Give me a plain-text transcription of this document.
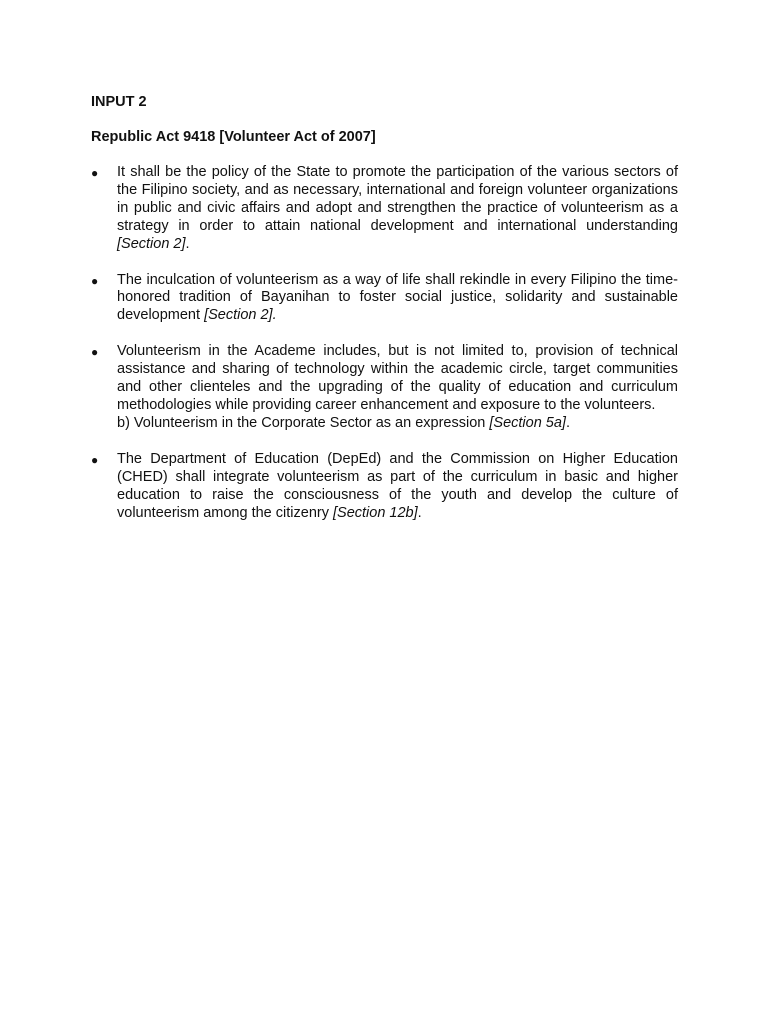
INPUT 2
Republic Act 9418 [Volunteer Act of 2007]
● It shall be the policy of the State to promote the participation of the various sectors of the Filipino society, and as necessary, international and foreign volunteer organizations in public and civic affairs and adopt and strengthen the practice of volunteerism as a strategy in order to attain national development and international understanding [Section 2].
● The inculcation of volunteerism as a way of life shall rekindle in every Filipino the time-honored tradition of Bayanihan to foster social justice, solidarity and sustainable development [Section 2].
● Volunteerism in the Academe includes, but is not limited to, provision of technical assistance and sharing of technology within the academic circle, target communities and other clienteles and the upgrading of the quality of education and curriculum methodologies while providing career enhancement and exposure to the volunteers.
b) Volunteerism in the Corporate Sector as an expression [Section 5a].
● The Department of Education (DepEd) and the Commission on Higher Education (CHED) shall integrate volunteerism as part of the curriculum in basic and higher education to raise the consciousness of the youth and develop the culture of volunteerism among the citizenry [Section 12b].
